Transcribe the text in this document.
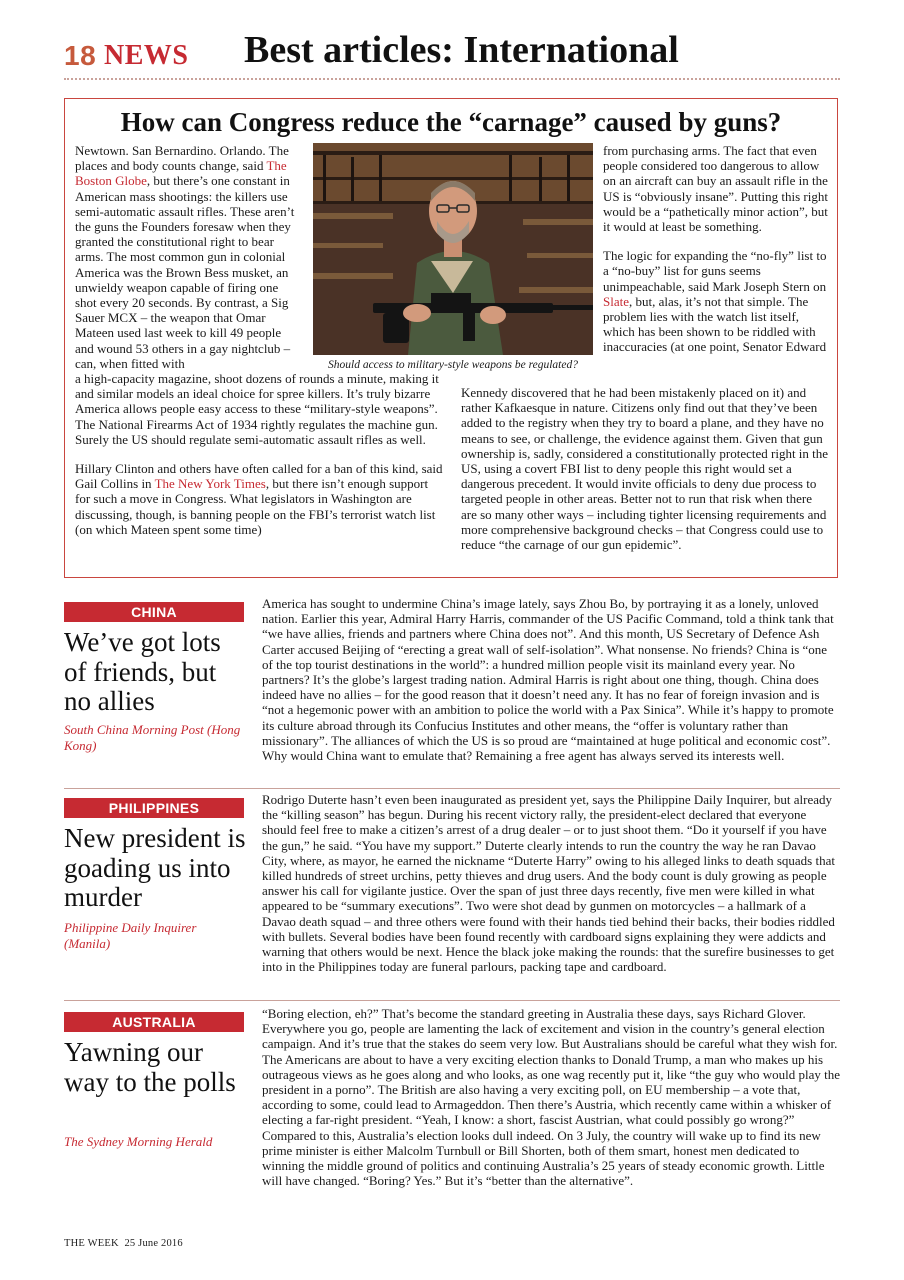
18 NEWS Best articles: International
How can Congress reduce the “carnage” caused by guns?

Newtown. San Bernardino. Orlando. The places and body counts change, said The Boston Globe, but there’s one constant in American mass shootings: the killers use semi-automatic assault rifles. These aren’t the guns the Founders foresaw when they granted the constitutional right to bear arms. The most common gun in colonial America was the Brown Bess musket, an unwieldy weapon capable of firing one shot every 20 seconds. By contrast, a Sig Sauer MCX – the weapon that Omar Mateen used last week to kill 49 people and wound 53 others in a gay nightclub – can, when fitted with	Should access to military-style weapons be regulated?

from purchasing arms. The fact that even people considered too dangerous to allow on an aircraft can buy an assault rifle in the US is “obviously insane”. Putting this right would be a “pathetically minor action”, but it would at least be something.

The logic for expanding the “no-fly” list to a “no-buy” list for guns seems unimpeachable, said Mark Joseph Stern on Slate, but, alas, it’s not that simple. The problem lies with the watch list itself, which has been shown to be riddled with inaccuracies (at one point, Senator Edward

a high-capacity magazine, shoot dozens of rounds a minute, making it and similar models an ideal choice for spree killers. It’s truly bizarre America allows people easy access to these “military-style weapons”. The National Firearms Act of 1934 rightly regulates the machine gun. Surely the US should regulate semi-automatic assault rifles as well.

Hillary Clinton and others have often called for a ban of this kind, said Gail Collins in The New York Times, but there isn’t enough support for such a move in Congress. What legislators in Washington are discussing, though, is banning people on the FBI’s terrorist watch list (on which Mateen spent some time)

Kennedy discovered that he had been mistakenly placed on it) and rather Kafkaesque in nature. Citizens only find out that they’ve been added to the registry when they try to board a plane, and they have no means to see, or challenge, the evidence against them. Given that gun ownership is, sadly, considered a constitutionally protected right in the US, using a covert FBI list to deny people this right would set a dangerous precedent. It would invite officials to deny due process to targeted people in other areas. Better not to run that risk when there are so many other ways – including tighter licensing requirements and more comprehensive background checks – that Congress could use to reduce “the carnage of our gun epidemic”.

CHINA
We’ve got lots of friends, but no allies
South China Morning Post (Hong Kong)
America has sought to undermine China’s image lately, says Zhou Bo, by portraying it as a lonely, unloved nation. Earlier this year, Admiral Harry Harris, commander of the US Pacific Command, told a think tank that “we have allies, friends and partners where China does not”. And this month, US Secretary of Defence Ash Carter accused Beijing of “erecting a great wall of self-isolation”. What nonsense. No friends? China is “one of the top tourist destinations in the world”: a hundred million people visit its mainland every year. No partners? It’s the globe’s largest trading nation. Admiral Harris is right about one thing, though. China does indeed have no allies – for the good reason that it doesn’t need any. It has no fear of foreign invasion and is “not a hegemonic power with an ambition to police the world with a Pax Sinica”. While it’s happy to promote its culture abroad through its Confucius Institutes and other means, the “offer is voluntary rather than missionary”. The alliances of which the US is so proud are “maintained at huge political and economic cost”. Why would China want to emulate that? Remaining a free agent has always served its interests well.
PHILIPPINES
New president is goading us into murder
Philippine Daily Inquirer (Manila)
Rodrigo Duterte hasn’t even been inaugurated as president yet, says the Philippine Daily Inquirer, but already the “killing season” has begun. During his recent victory rally, the president-elect declared that everyone should feel free to make a citizen’s arrest of a drug dealer – or to just shoot them. “Do it yourself if you have the gun,” he said. “You have my support.” Duterte clearly intends to run the country the way he ran Davao City, where, as mayor, he earned the nickname “Duterte Harry” owing to his alleged links to death squads that killed hundreds of street urchins, petty thieves and drug users. And the body count is duly growing as people answer his call for vigilante justice. Over the span of just three days recently, five men were killed in what appeared to be “summary executions”. Two were shot dead by gunmen on motorcycles – a hallmark of a Davao death squad – and three others were found with their hands tied behind their backs, their bodies riddled with bullets. Several bodies have been found recently with cardboard signs explaining they were addicts and warning that others would be next. Hence the black joke making the rounds: that the surefire businesses to get into in the Philippines today are funeral parlours, packing tape and cardboard.
AUSTRALIA
Yawning our way to the polls
The Sydney Morning Herald
“Boring election, eh?” That’s become the standard greeting in Australia these days, says Richard Glover. Everywhere you go, people are lamenting the lack of excitement and vision in the country’s general election campaign. And it’s true that the stakes do seem very low. But Australians should be careful what they wish for. The Americans are about to have a very exciting election thanks to Donald Trump, a man who makes up his outrageous views as he goes along and who looks, as one wag recently put it, like “the guy who would play the president in a porno”. The British are also having a very exciting poll, on EU membership – a vote that, according to some, could lead to Armageddon. Then there’s Austria, which recently came within a whisker of electing a far-right president. “Yeah, I know: a short, fascist Austrian, what could possibly go wrong?” Compared to this, Australia’s election looks dull indeed. On 3 July, the country will wake up to find its new prime minister is either Malcolm Turnbull or Bill Shorten, both of them smart, honest men dedicated to winning the middle ground of politics and continuing Australia’s 25 years of steady economic growth. Little will have changed. “Boring? Yes.” But it’s “better than the alternative”.
THE WEEK 25 June 2016
